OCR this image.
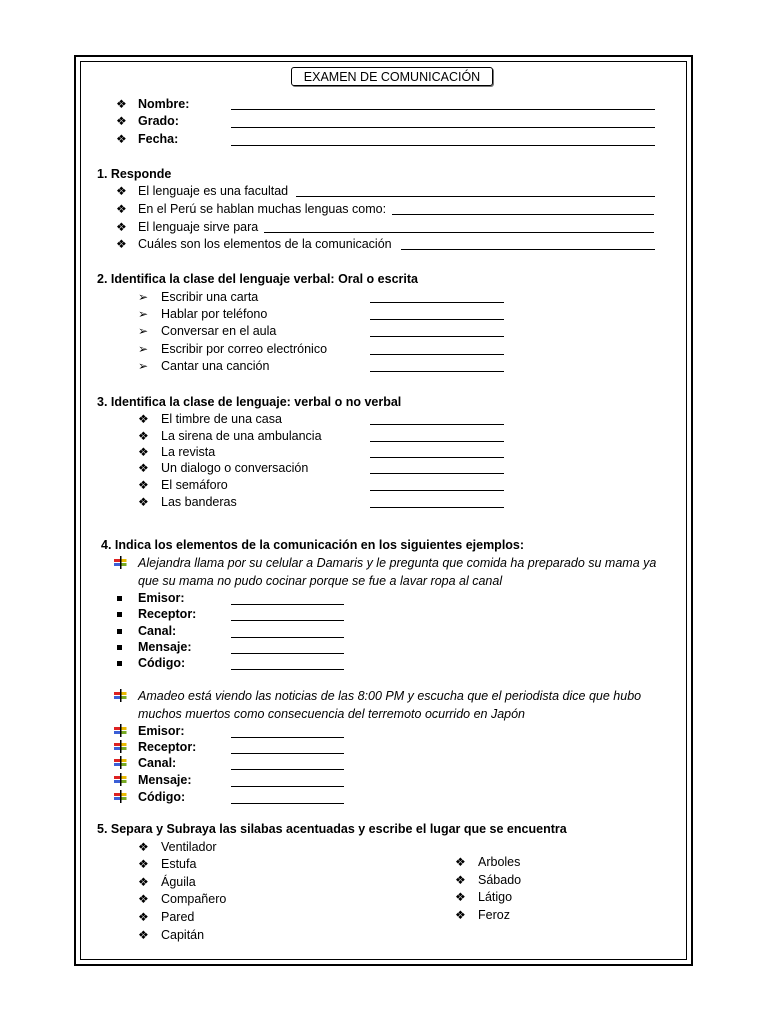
EXAMEN DE COMUNICACIÓN
❖ Nombre:
❖ Grado:
❖ Fecha:
1. Responde
❖ El lenguaje es una facultad
❖ En el Perú se hablan muchas lenguas como:
❖ El lenguaje sirve para
❖ Cuáles son los elementos de la comunicación
2. Identifica la clase del lenguaje verbal: Oral o escrita
➢ Escribir una carta
➢ Hablar por teléfono
➢ Conversar en el aula
➢ Escribir por correo electrónico
➢ Cantar una canción
3. Identifica la clase de lenguaje: verbal o no verbal
❖ El timbre de una casa
❖ La sirena de una ambulancia
❖ La revista
❖ Un dialogo o conversación
❖ El semáforo
❖ Las banderas
4. Indica los elementos de la comunicación en los siguientes ejemplos:
Alejandra llama por su celular a Damaris y le pregunta que comida ha preparado su mama ya
que su mama no pudo cocinar porque se fue a lavar ropa al canal
Emisor:
Receptor:
Canal:
Mensaje:
Código:
Amadeo está viendo las noticias de las 8:00 PM y escucha que el periodista dice que hubo
muchos muertos como consecuencia del terremoto ocurrido en Japón
Emisor:
Receptor:
Canal:
Mensaje:
Código:
5. Separa y Subraya las silabas acentuadas y escribe el lugar que se encuentra
❖ Ventilador
❖ Estufa
❖ Águila
❖ Compañero
❖ Pared
❖ Capitán
❖ Arboles
❖ Sábado
❖ Látigo
❖ Feroz
